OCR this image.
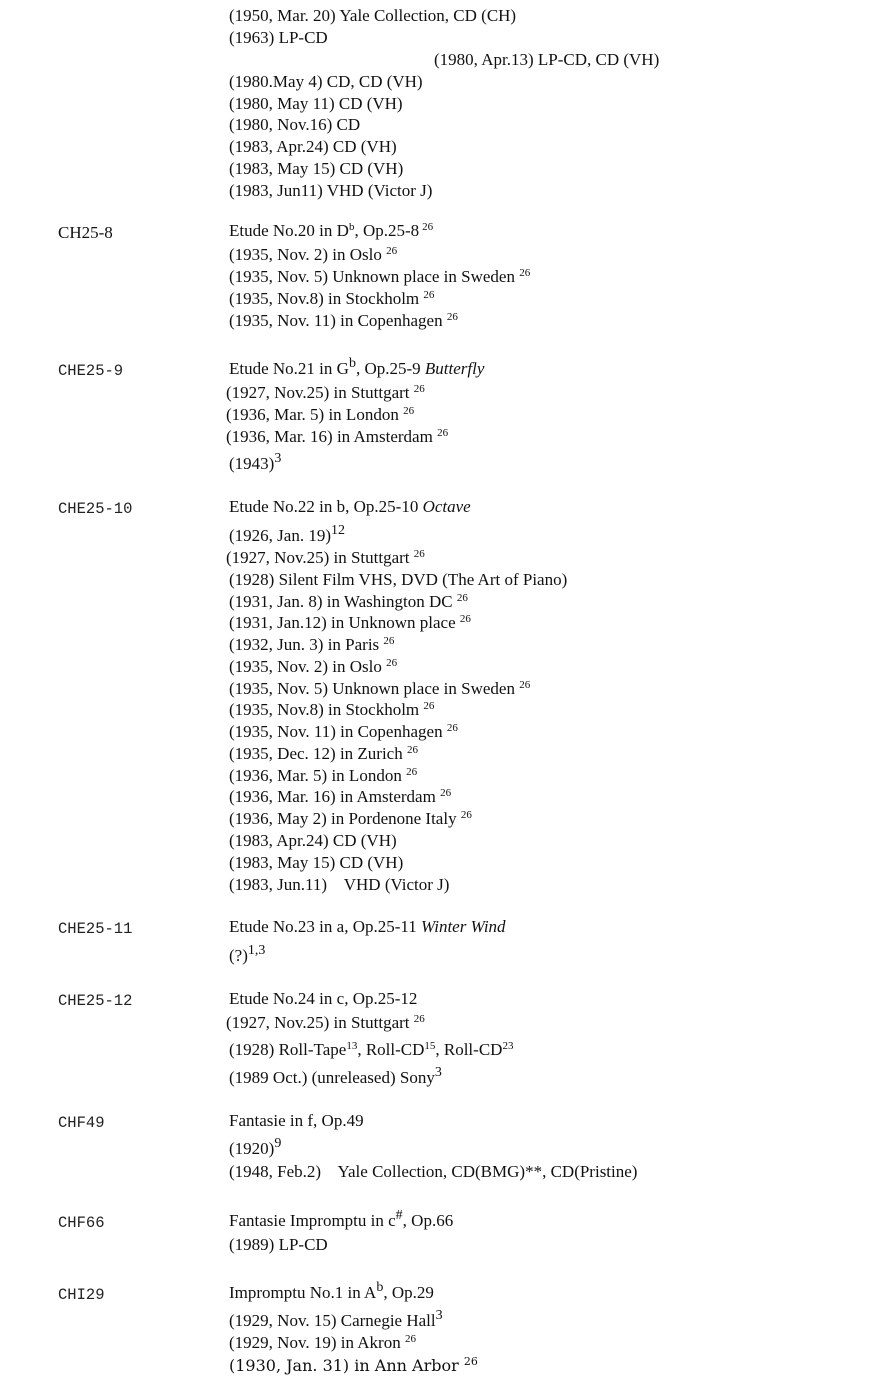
(1950, Mar. 20) Yale Collection, CD (CH)
(1963) LP-CD
(1980, Apr.13) LP-CD, CD (VH)
(1980.May 4) CD, CD (VH)
(1980, May 11) CD (VH)
(1980, Nov.16) CD
(1983, Apr.24) CD (VH)
(1983, May 15) CD (VH)
(1983, Jun11) VHD (Victor J)
CH25-8	Etude No.20 in $D^b$, Op.25-8 $^{26}$
(1935, Nov. 2) in Oslo $^{26}$
(1935, Nov. 5) Unknown place in Sweden $^{26}$
(1935, Nov.8) in Stockholm $^{26}$
(1935, Nov. 11) in Copenhagen $^{26}$
CHE25-9	Etude No.21 in $G^b$, Op.25-9 Butterfly
(1927, Nov.25) in Stuttgart $^{26}$
(1936, Mar. 5) in London $^{26}$
(1936, Mar. 16) in Amsterdam $^{26}$
$(1943)^3$
CHE25-10	Etude No.22 in b, Op.25-10 Octave
(1926, Jan. 19)$^{12}$
(1927, Nov.25) in Stuttgart $^{26}$
(1928) Silent Film VHS, DVD (The Art of Piano)
(1931, Jan. 8) in Washington DC $^{26}$
(1931, Jan.12) in Unknown place $^{26}$
(1932, Jun. 3) in Paris $^{26}$
(1935, Nov. 2) in Oslo $^{26}$
(1935, Nov. 5) Unknown place in Sweden $^{26}$
(1935, Nov.8) in Stockholm $^{26}$
(1935, Nov. 11) in Copenhagen $^{26}$
(1935, Dec. 12) in Zurich $^{26}$
(1936, Mar. 5) in London $^{26}$
(1936, Mar. 16) in Amsterdam $^{26}$
(1936, May 2) in Pordenone Italy $^{26}$
(1983, Apr.24) CD (VH)
(1983, May 15) CD (VH)
(1983, Jun.11)    VHD (Victor J)
CHE25-11	Etude No.23 in a, Op.25-11 Winter Wind
(?)$^{1,3}$
CHE25-12	Etude No.24 in c, Op.25-12
(1927, Nov.25) in Stuttgart $^{26}$
(1928) Roll-Tape$^{13}$, Roll-CD$^{15}$, Roll-CD$^{23}$
(1989 Oct.) (unreleased) Sony$^3$
CHF49	Fantasie in f, Op.49
$(1920)^9$
(1948, Feb.2)    Yale Collection, CD(BMG)**, CD(Pristine)
CHF66	Fantasie Impromptu in c#, Op.66
(1989) LP-CD
CHI29	Impromptu No.1 in $A^b$, Op.29
(1929, Nov. 15) Carnegie Hall$^3$
(1929, Nov. 19) in Akron $^{26}$
(1930, Jan. 31) in Ann Arbor $^{26}$
